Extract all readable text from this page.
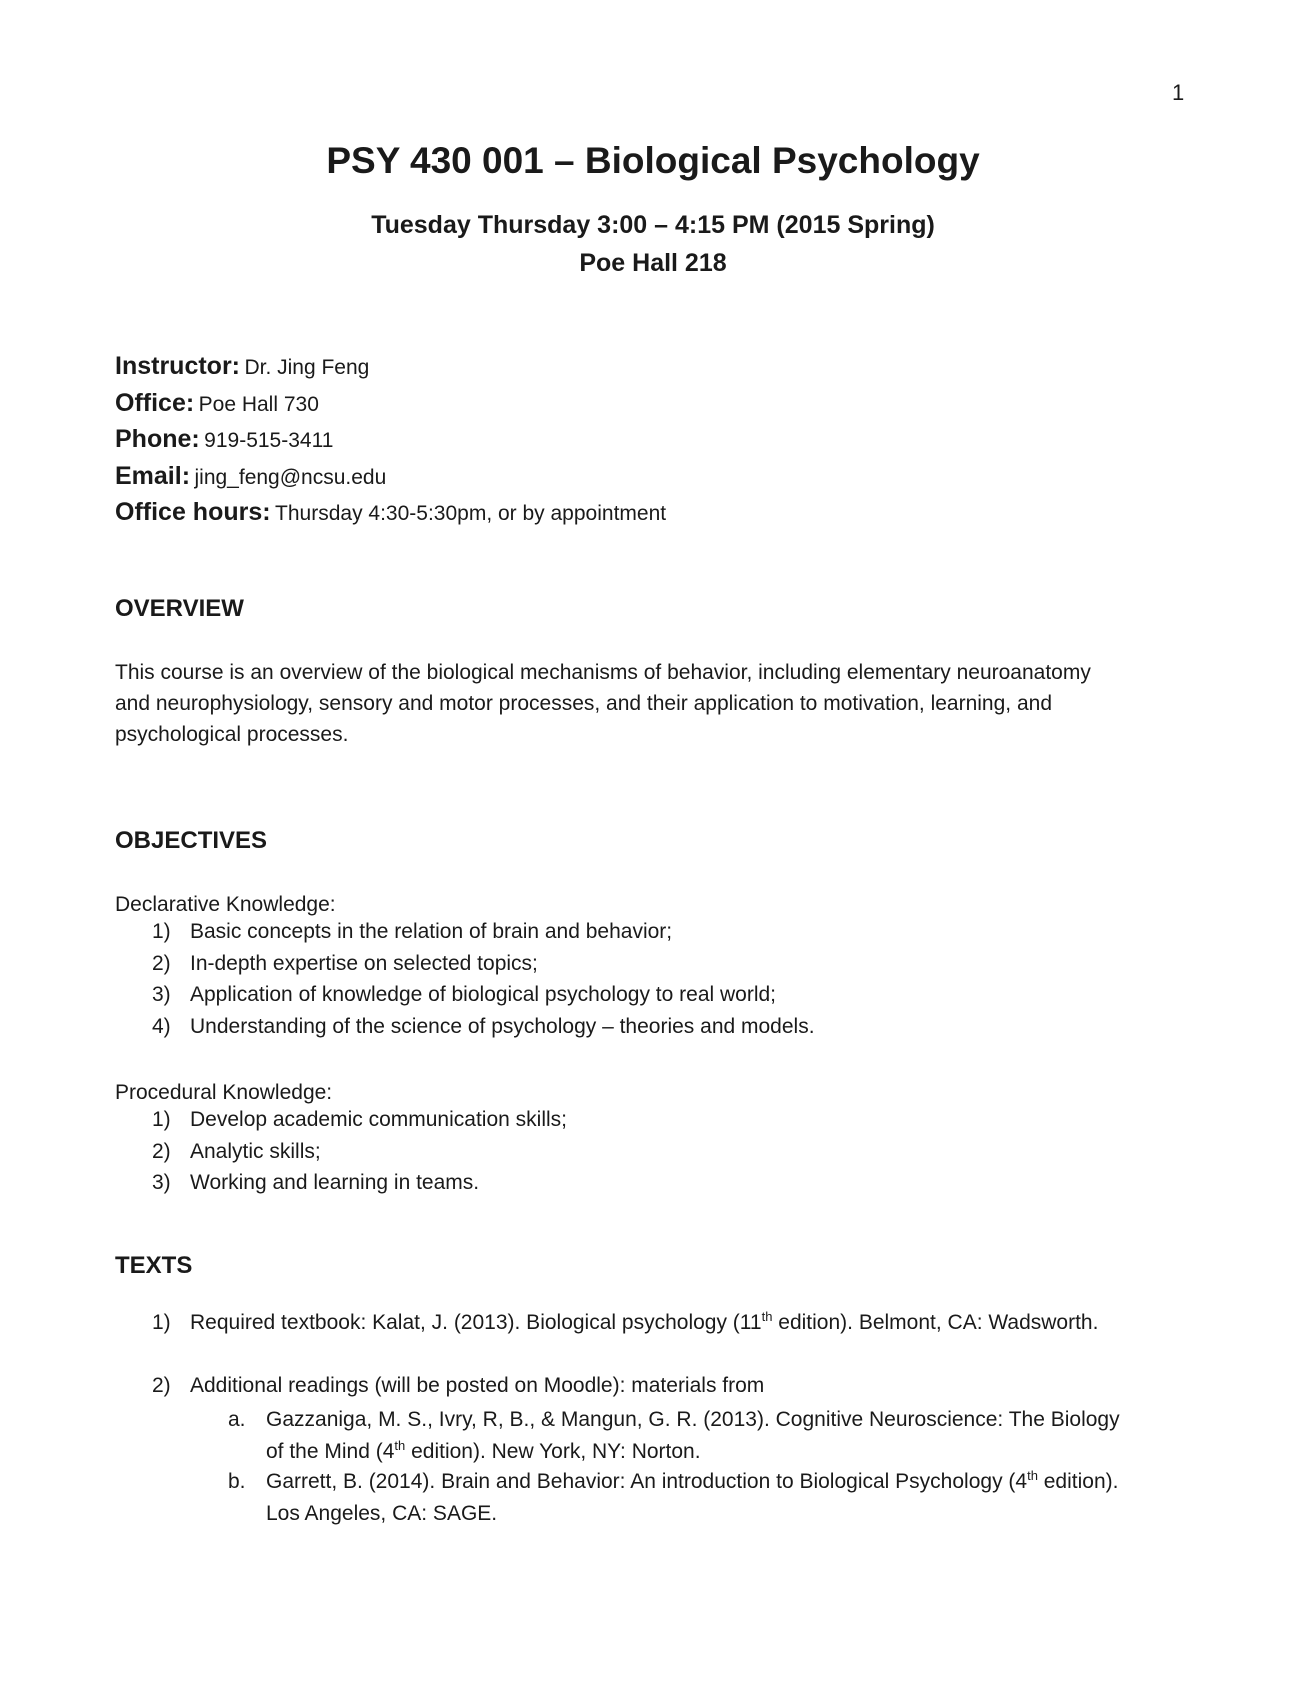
1
PSY 430 001 – Biological Psychology
Tuesday Thursday 3:00 – 4:15 PM (2015 Spring)
Poe Hall 218
Instructor: Dr. Jing Feng
Office: Poe Hall 730
Phone: 919-515-3411
Email: jing_feng@ncsu.edu
Office hours: Thursday 4:30-5:30pm, or by appointment
OVERVIEW

This course is an overview of the biological mechanisms of behavior, including elementary neuroanatomy and neurophysiology, sensory and motor processes, and their application to motivation, learning, and psychological processes.

OBJECTIVES
Declarative Knowledge:
1) Basic concepts in the relation of brain and behavior;
2) In-depth expertise on selected topics;
3) Application of knowledge of biological psychology to real world;
4) Understanding of the science of psychology – theories and models.
Procedural Knowledge:
1) Develop academic communication skills;
2) Analytic skills;
3) Working and learning in teams.
TEXTS
1) Required textbook: Kalat, J. (2013). Biological psychology (11th edition). Belmont, CA: Wadsworth.
2) Additional readings (will be posted on Moodle): materials from
a. Gazzaniga, M. S., Ivry, R, B., & Mangun, G. R. (2013). Cognitive Neuroscience: The Biology of the Mind (4th edition). New York, NY: Norton.
b. Garrett, B. (2014). Brain and Behavior: An introduction to Biological Psychology (4th edition). Los Angeles, CA: SAGE.
